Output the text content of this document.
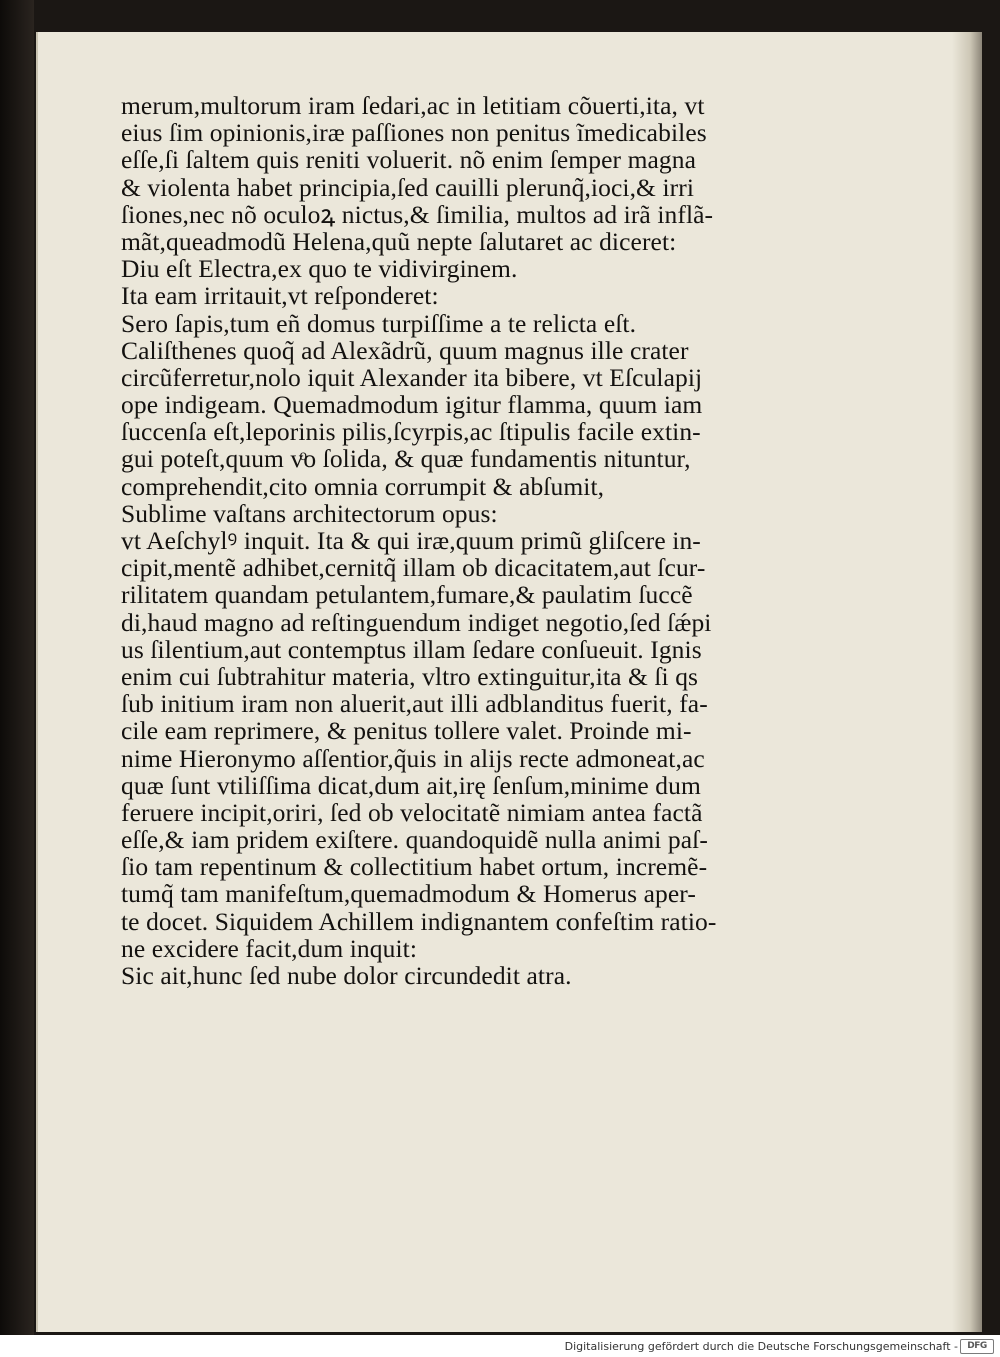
merum,multorum iram ſedari,ac in letitiam cõuerti,ita, vt
eius ſim opinionis,iræ paſſiones non penitus ĩmedicabiles
eſſe,ſi ſaltem quis reniti voluerit. nõ enim ſemper magna
& violenta habet principia,ſed cauilli plerunq̃,ioci,& irri
ſiones,nec nõ oculoꝝ nictus,& ſimilia, multos ad irã inflã-
mãt,queadmodũ Helena,quũ nepte ſalutaret ac diceret:
Diu eſt Electra,ex quo te vidivirginem.
Ita eam irritauit,vt reſponderet:
Sero ſapis,tum eñ domus turpiſſime a te relicta eſt.
Caliſthenes quoq̃ ad Alexãdrũ, quum magnus ille crater
circũferretur,nolo iquit Alexander ita bibere, vt Eſculapij
ope indigeam. Quemadmodum igitur flamma, quum iam
ſuccenſa eſt,leporinis pilis,ſcyrpis,ac ſtipulis facile extin-
gui poteſt,quum vͦo ſolida, & quæ fundamentis nituntur,
comprehendit,cito omnia corrumpit & abſumit,
Sublime vaſtans architectorum opus:
vt Aeſchylꝰ inquit. Ita & qui iræ,quum primũ gliſcere in-
cipit,mentẽ adhibet,cernitq̃ illam ob dicacitatem,aut ſcur-
rilitatem quandam petulantem,fumare,& paulatim ſuccẽ
di,haud magno ad reſtinguendum indiget negotio,ſed ſǽpi
us ſilentium,aut contemptus illam ſedare conſueuit. Ignis
enim cui ſubtrahitur materia, vltro extinguitur,ita & ſi qs
ſub initium iram non aluerit,aut illi adblanditus fuerit, fa-
cile eam reprimere, & penitus tollere valet. Proinde mi-
nime Hieronymo aſſentior,q̃uis in alijs recte admoneat,ac
quæ ſunt vtiliſſima dicat,dum ait,irę ſenſum,minime dum
feruere incipit,oriri, ſed ob velocitatẽ nimiam antea factã
eſſe,& iam pridem exiſtere. quandoquidẽ nulla animi paſ-
ſio tam repentinum & collectitium habet ortum, incremẽ-
tumq̃ tam manifeſtum,quemadmodum & Homerus aper-
te docet. Siquidem Achillem indignantem confeſtim ratio-
ne excidere facit,dum inquit:
Sic ait,hunc ſed nube dolor circundedit atra.
Digitalisierung gefördert durch die Deutsche Forschungsgemeinschaft -	DFG
